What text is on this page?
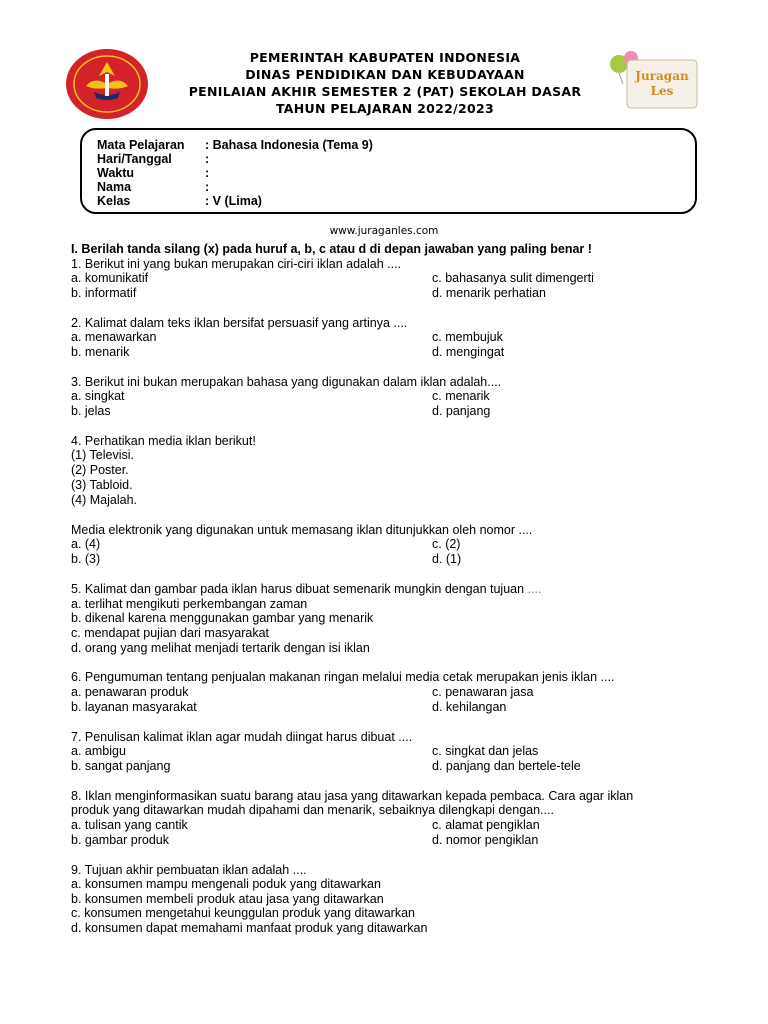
PEMERINTAH KABUPATEN INDONESIA
DINAS PENDIDIKAN DAN KEBUDAYAAN
PENILAIAN AKHIR SEMESTER 2 (PAT) SEKOLAH DASAR
TAHUN PELAJARAN 2022/2023
Juragan
Les
Mata Pelajaran : Bahasa Indonesia (Tema 9)
Hari/Tanggal	:
Waktu	:
Nama	:
Kelas	: V (Lima)
www.juraganles.com
I. Berilah tanda silang (x) pada huruf a, b, c atau d di depan jawaban yang paling benar !
1. Berikut ini yang bukan merupakan ciri-ciri iklan adalah ....
a. komunikatif	c. bahasanya sulit dimengerti
b. informatif	d. menarik perhatian
2. Kalimat dalam teks iklan bersifat persuasif yang artinya ....
a. menawarkan	c. membujuk
b. menarik	d. mengingat
3. Berikut ini bukan merupakan bahasa yang digunakan dalam iklan adalah....
a. singkat	c. menarik
b. jelas	d. panjang
4. Perhatikan media iklan berikut!
(1) Televisi.
(2) Poster.
(3) Tabloid.
(4) Majalah.
Media elektronik yang digunakan untuk memasang iklan ditunjukkan oleh nomor ....
a. (4)	c. (2)
b. (3)	d. (1)
5. Kalimat dan gambar pada iklan harus dibuat semenarik mungkin dengan tujuan ....
a. terlihat mengikuti perkembangan zaman
b. dikenal karena menggunakan gambar yang menarik
c. mendapat pujian dari masyarakat
d. orang yang melihat menjadi tertarik dengan isi iklan
6. Pengumuman tentang penjualan makanan ringan melalui media cetak merupakan jenis iklan ....
a. penawaran produk	c. penawaran jasa
b. layanan masyarakat	d. kehilangan
7. Penulisan kalimat iklan agar mudah diingat harus dibuat ....
a. ambigu	c. singkat dan jelas
b. sangat panjang	d. panjang dan bertele-tele
8. Iklan menginformasikan suatu barang atau jasa yang ditawarkan kepada pembaca. Cara agar iklan
produk yang ditawarkan mudah dipahami dan menarik, sebaiknya dilengkapi dengan....
a. tulisan yang cantik	c. alamat pengiklan
b. gambar produk	d. nomor pengiklan
9. Tujuan akhir pembuatan iklan adalah ....
a. konsumen mampu mengenali poduk yang ditawarkan
b. konsumen membeli produk atau jasa yang ditawarkan
c. konsumen mengetahui keunggulan produk yang ditawarkan
d. konsumen dapat memahami manfaat produk yang ditawarkan
